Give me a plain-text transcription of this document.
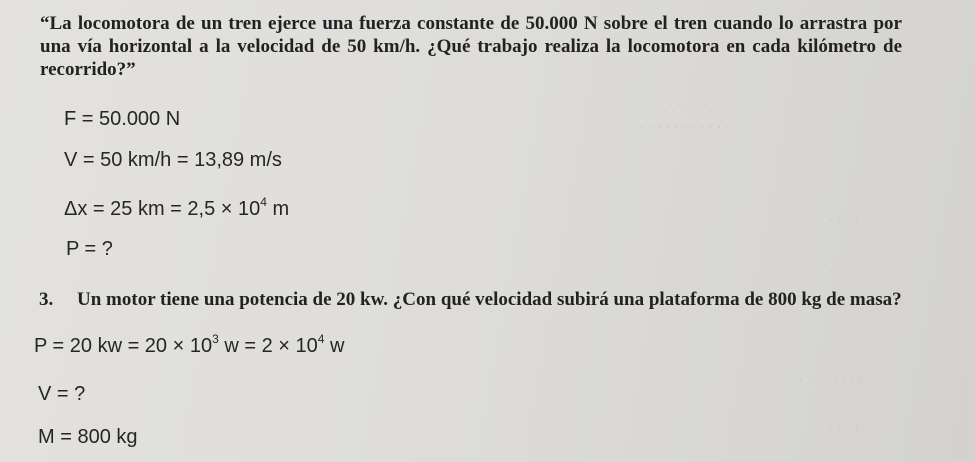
· · · · · · · · · · · · ·
· · · · · · · · · · ·
· · · · ·
· · · · · · ·
· · · · · · · · ·
· · · · ·

“La locomotora de un tren ejerce una fuerza constante de 50.000 N sobre el tren cuando lo arrastra por una vía horizontal a la velocidad de 50 km/h. ¿Qué trabajo realiza la locomotora en cada kilómetro de recorrido?”

F = 50.000 N

V = 50 km/h = 13,89 m/s

Δx = 25 km = $2,5 \times 10^4$ m

P = ?

3. Un motor tiene una potencia de 20 kw. ¿Con qué velocidad subirá una plataforma de 800 kg de masa?

P = 20 kw = $20 \times 10^3$ $w = 2 \times 10^4$ w

V = ?

M = 800 kg
